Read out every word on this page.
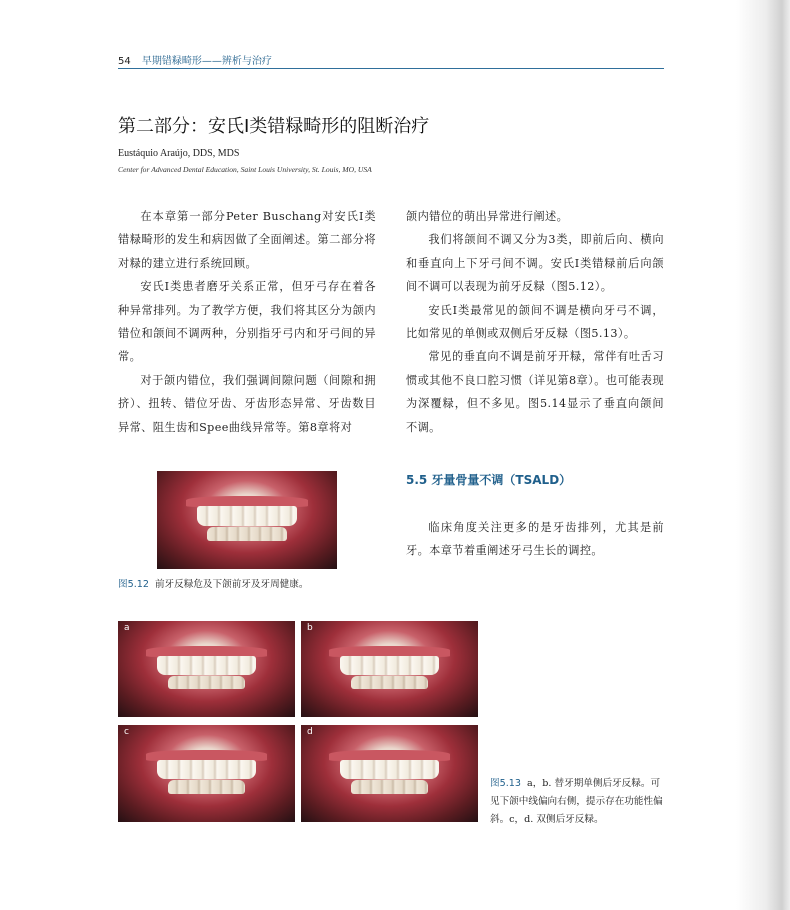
54 早期错粶畸形——辨析与治疗
第二部分：安氏Ⅰ类错粶畸形的阻断治疗
Eustáquio Araújo, DDS, MDS
Center for Advanced Dental Education, Saint Louis University, St. Louis, MO, USA

在本章第一部分Peter Buschang对安氏Ⅰ类错粶畸形的发生和病因做了全面阐述。第二部分将对粶的建立进行系统回顾。

安氏Ⅰ类患者磨牙关系正常，但牙弓存在着各种异常排列。为了教学方便，我们将其区分为颌内错位和颌间不调两种，分别指牙弓内和牙弓间的异常。

对于颌内错位，我们强调间隙问题（间隙和拥挤）、扭转、错位牙齿、牙齿形态异常、牙齿数目异常、阻生齿和Spee曲线异常等。第8章将对

颌内错位的萌出异常进行阐述。

我们将颌间不调又分为3类，即前后向、横向和垂直向上下牙弓间不调。安氏Ⅰ类错粶前后向颌间不调可以表现为前牙反粶（图5.12）。

安氏Ⅰ类最常见的颌间不调是横向牙弓不调，比如常见的单侧或双侧后牙反粶（图5.13）。

常见的垂直向不调是前牙开粶，常伴有吐舌习惯或其他不良口腔习惯（详见第8章）。也可能表现为深覆粶，但不多见。图5.14显示了垂直向颌间不调。

5.5 牙量骨量不调（TSALD）

临床角度关注更多的是牙齿排列，尤其是前牙。本章节着重阐述牙弓生长的调控。

图5.12 前牙反粶危及下颌前牙及牙周健康。
a	b
c	d
图5.13 a，b. 替牙期单侧后牙反粶。可见下颌中线偏向右侧，提示存在功能性偏斜。c，d. 双侧后牙反粶。
